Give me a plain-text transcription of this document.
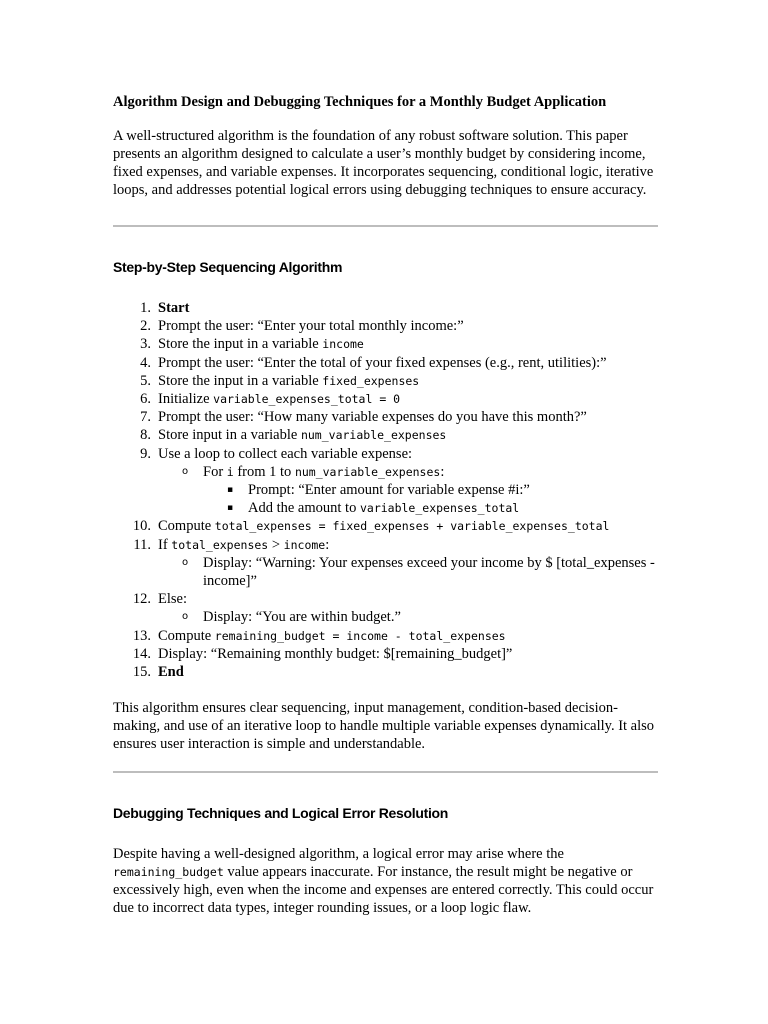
Algorithm Design and Debugging Techniques for a Monthly Budget Application

A well-structured algorithm is the foundation of any robust software solution. This paper presents an algorithm designed to calculate a user’s monthly budget by considering income, fixed expenses, and variable expenses. It incorporates sequencing, conditional logic, iterative loops, and addresses potential logical errors using debugging techniques to ensure accuracy.

Step-by-Step Sequencing Algorithm

1. Start
2. Prompt the user: “Enter your total monthly income:”
3. Store the input in a variable income
4. Prompt the user: “Enter the total of your fixed expenses (e.g., rent, utilities):”
5. Store the input in a variable fixed_expenses
6. Initialize variable_expenses_total = 0
7. Prompt the user: “How many variable expenses do you have this month?”
8. Store input in a variable num_variable_expenses
9. Use a loop to collect each variable expense:
o For i from 1 to num_variable_expenses:
▪ Prompt: “Enter amount for variable expense #i:”
▪ Add the amount to variable_expenses_total
10. Compute total_expenses = fixed_expenses + variable_expenses_total
11. If total_expenses > income:
o Display: “Warning: Your expenses exceed your income by $ [total_expenses - income]”
12. Else:
o Display: “You are within budget.”
13. Compute remaining_budget = income - total_expenses
14. Display: “Remaining monthly budget: $[remaining_budget]”
15. End

This algorithm ensures clear sequencing, input management, condition-based decision-making, and use of an iterative loop to handle multiple variable expenses dynamically. It also ensures user interaction is simple and understandable.

Debugging Techniques and Logical Error Resolution

Despite having a well-designed algorithm, a logical error may arise where the remaining_budget value appears inaccurate. For instance, the result might be negative or excessively high, even when the income and expenses are entered correctly. This could occur due to incorrect data types, integer rounding issues, or a loop logic flaw.
